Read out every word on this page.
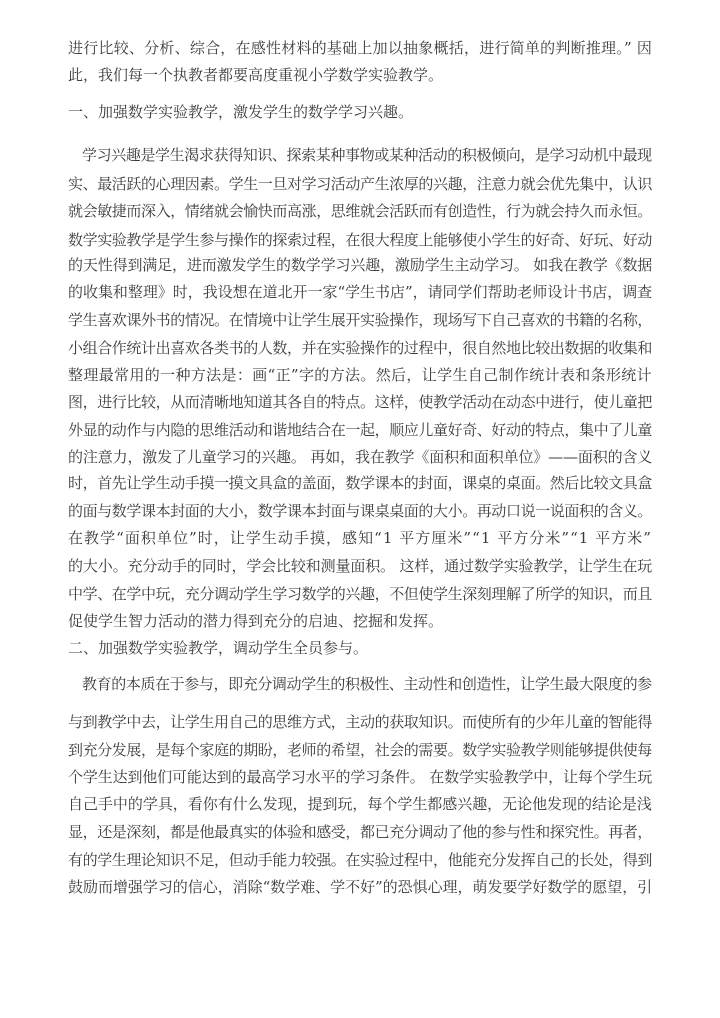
进行比较、分析、综合，在感性材料的基础上加以抽象概括，进行简单的判断推理。” 因
此，我们每一个执教者都要高度重视小学数学实验教学。
一、加强数学实验教学，激发学生的数学学习兴趣。
学习兴趣是学生渴求获得知识、探索某种事物或某种活动的积极倾向，是学习动机中最现
实、最活跃的心理因素。学生一旦对学习活动产生浓厚的兴趣，注意力就会优先集中，认识
就会敏捷而深入，情绪就会愉快而高涨，思维就会活跃而有创造性，行为就会持久而永恒。
数学实验教学是学生参与操作的探索过程，在很大程度上能够使小学生的好奇、好玩、好动
的天性得到满足，进而激发学生的数学学习兴趣，激励学生主动学习。 如我在教学《数据
的收集和整理》时，我设想在道北开一家“学生书店”，请同学们帮助老师设计书店，调查
学生喜欢课外书的情况。在情境中让学生展开实验操作，现场写下自己喜欢的书籍的名称，
小组合作统计出喜欢各类书的人数，并在实验操作的过程中，很自然地比较出数据的收集和
整理最常用的一种方法是：画“正”字的方法。然后，让学生自己制作统计表和条形统计
图，进行比较，从而清晰地知道其各自的特点。这样，使教学活动在动态中进行，使儿童把
外显的动作与内隐的思维活动和谐地结合在一起，顺应儿童好奇、好动的特点，集中了儿童
的注意力，激发了儿童学习的兴趣。 再如，我在教学《面积和面积单位》——面积的含义
时，首先让学生动手摸一摸文具盒的盖面，数学课本的封面，课桌的桌面。然后比较文具盒
的面与数学课本封面的大小，数学课本封面与课桌桌面的大小。再动口说一说面积的含义。
在教学“面积单位”时，让学生动手摸，感知“1 平方厘米”“1 平方分米”“1 平方米”
的大小。充分动手的同时，学会比较和测量面积。 这样，通过数学实验教学，让学生在玩
中学、在学中玩，充分调动学生学习数学的兴趣，不但使学生深刻理解了所学的知识，而且
促使学生智力活动的潜力得到充分的启迪、挖掘和发挥。
二、加强数学实验教学，调动学生全员参与。
教育的本质在于参与，即充分调动学生的积极性、主动性和创造性，让学生最大限度的参
与到教学中去，让学生用自己的思维方式，主动的获取知识。而使所有的少年儿童的智能得
到充分发展，是每个家庭的期盼，老师的希望，社会的需要。数学实验教学则能够提供使每
个学生达到他们可能达到的最高学习水平的学习条件。 在数学实验教学中，让每个学生玩
自己手中的学具，看你有什么发现，提到玩，每个学生都感兴趣，无论他发现的结论是浅
显，还是深刻，都是他最真实的体验和感受，都已充分调动了他的参与性和探究性。再者，
有的学生理论知识不足，但动手能力较强。在实验过程中，他能充分发挥自己的长处，得到
鼓励而增强学习的信心，消除“数学难、学不好”的恐惧心理，萌发要学好数学的愿望，引
